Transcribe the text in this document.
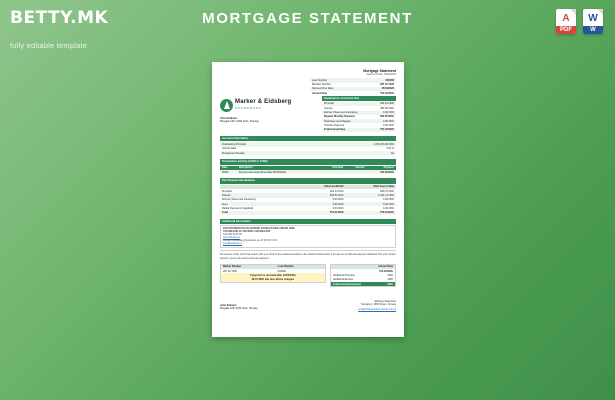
BETTY.MK
fully editable template
MORTGAGE STATEMENT	A
PDF
W
W
Mortgage Statement
Statement Date: 05/04/2023
Loan Number	000000
Member Number	287 32 7625
Payment Due Date	15/04/2023
Amount Due	754.33 NOK
Marker & Eidsberg
SPAREBANK
John Eriksen
Borgata 128, 0182 Oslo, Norway
Explanation of Amount Due
Principal	281.14 NOK
Interest	381.52 NOK
Escrow (Taxes and Insurance)	0.00 NOK
Regular Monthly Payment	662.66 NOK
Total Fees and Charges	0.00 NOK
Overdue Payment	0.00 NOK
Total Amount Due	754.33 NOK
Account Information
Outstanding Principal	1,015,033.00 NOK
Interest Rate	3.14 %
Prepayment Penalty	No
Transaction Activity (01/03 to 31/03)
Date	Description	Principal	Interest	Payment
05/03	Payment Received (Due Date 05/03/2023)			754.33 NOK
Past Payment Breakdown
	Paid Last Month	Paid Year to Date
Principal	281.14 NOK	839.79 NOK
Interest	381.52 NOK	1,151.13 NOK
Escrow (Taxes and Insurance)	0.00 NOK	0.00 NOK
Fees	0.00 NOK	0.00 NOK
Partial Payment (Unapplied)	0.00 NOK	0.00 NOK
Total	754.33 NOK	754.33 NOK
Additional Information
FOR INFORMATION ON AVOIDING FORECLOSURE AND/OR FREE
COUNSELING BY HOUSING COUNSELORS
Call: 800 00 00 00
www.ntbbank.no
Contact the Eidsberg Sparebank at +47 00 00 0 0 00
post@bankweb.no
For overdue credit, return this coupon with your check in the enclosed envelope to the location shown below. If you are set up with auto payment deduction from your chosen account, you do not need to send your payment.
Marker Number	Loan Number
287 32 7625	000000
If payment is received after 15/04/2023,	
28.07 NOK late fees will be charged.	
Amount Due	
754.33 NOK	
Additional Principal	NOK
Additional Escrow	NOK
Total Amount Enclosed	NOK
John Eriksen
Borgata 128, 0182 Oslo, Norway
Eidsberg Sparebank
Storgata 2, 1850 Mysen, Norway
post@ntbsparebank.mforms.mk.mk
